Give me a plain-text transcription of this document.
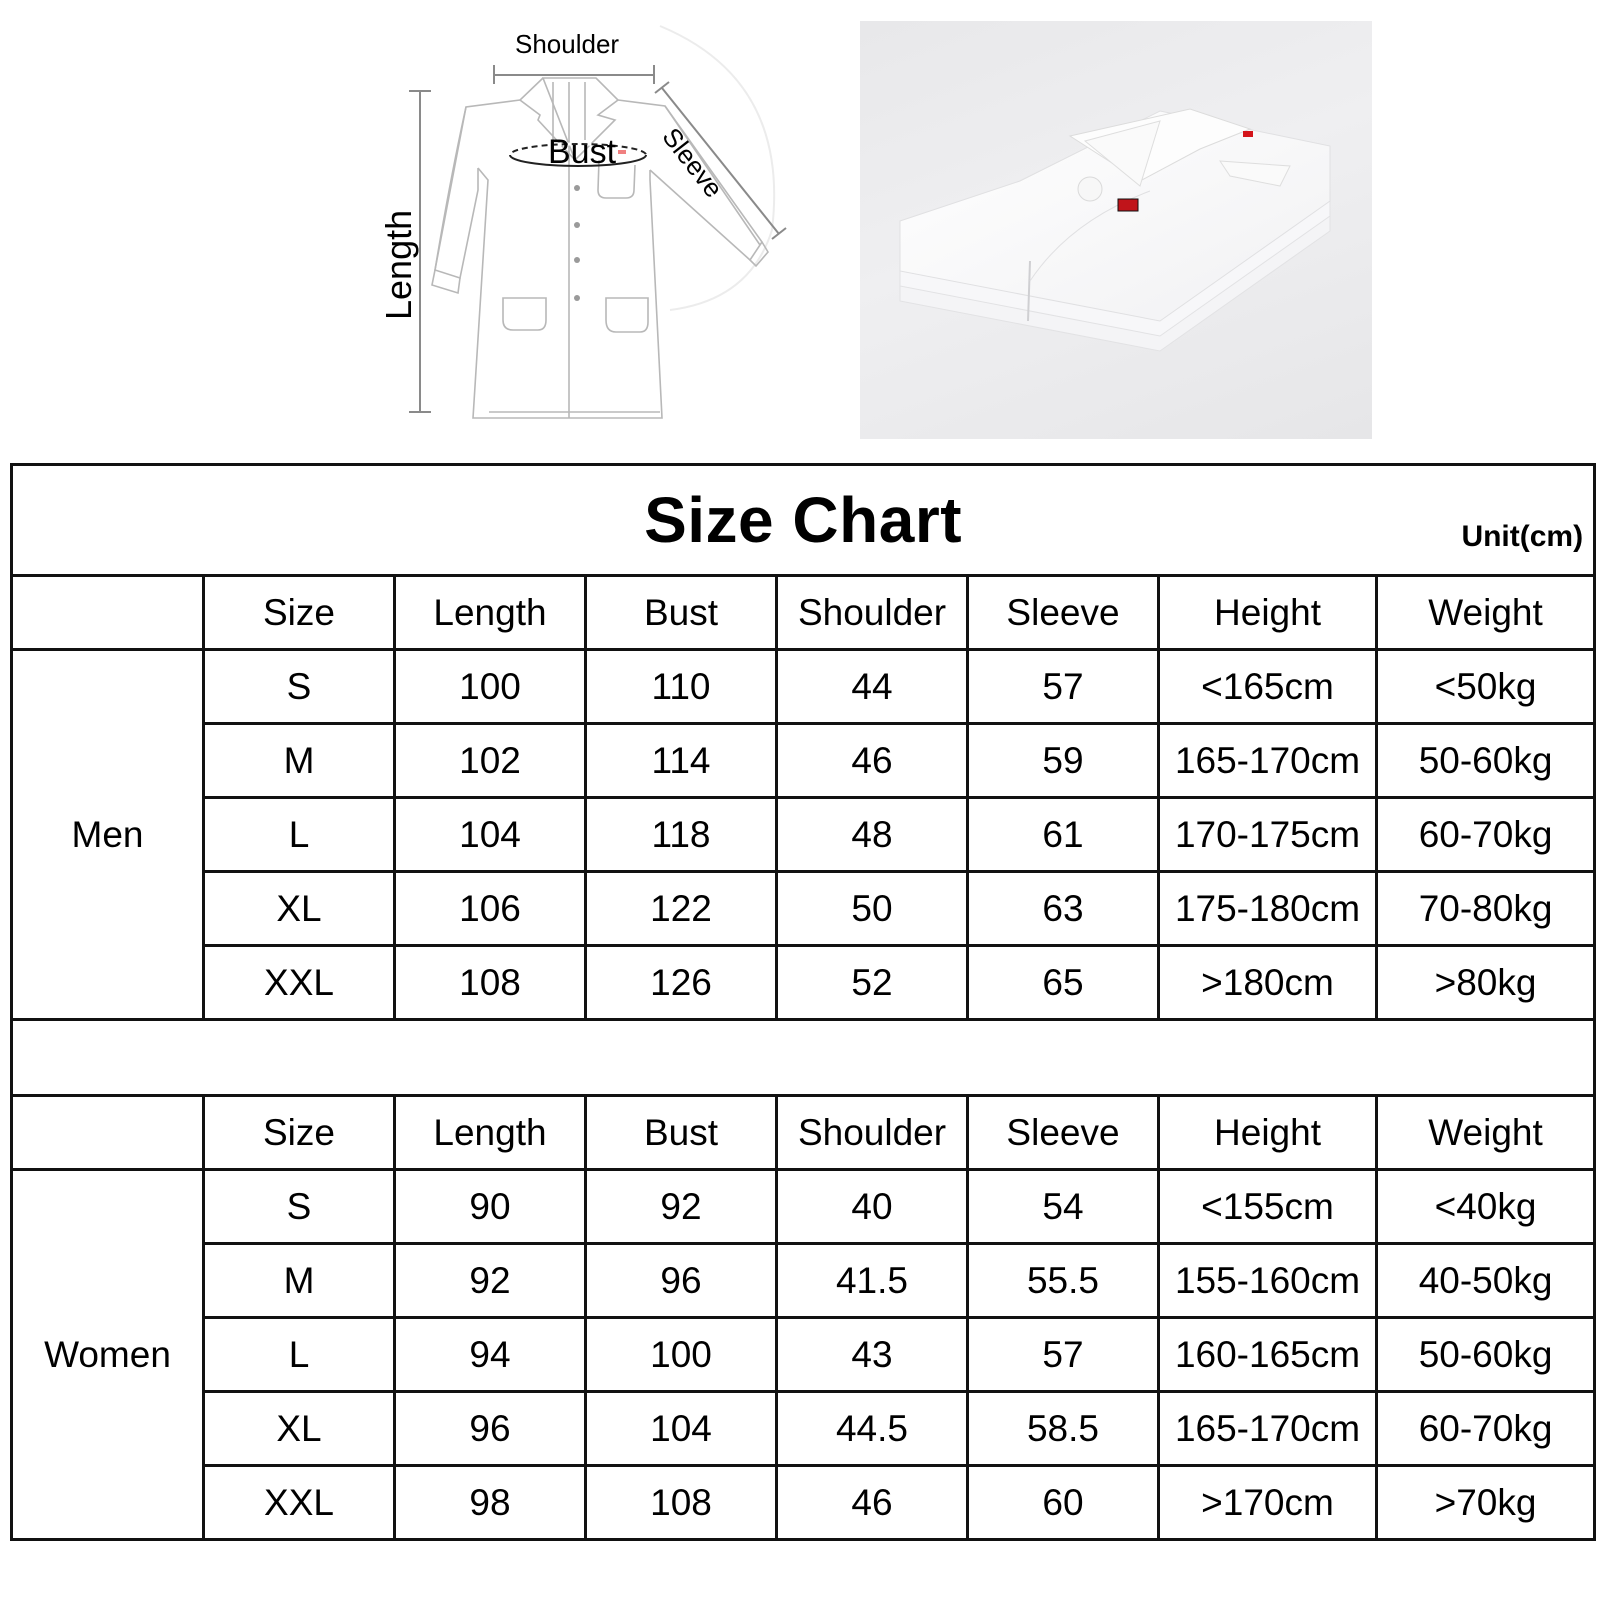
Shoulder
Bust Sleeve
Length
Size Chart Unit(cm)							

	Size	Length	Bust	Shoulder	Sleeve	Height	Weight
Men	S	100	110	44	57	<165cm	<50kg
	M	102	114	46	59	165-170cm	50-60kg
	L	104	118	48	61	170-175cm	60-70kg
	XL	106	122	50	63	175-180cm	70-80kg
	XXL	108	126	52	65	>180cm	>80kg

	Size	Length	Bust	Shoulder	Sleeve	Height	Weight
Women	S	90	92	40	54	<155cm	<40kg
	M	92	96	41.5	55.5	155-160cm	40-50kg
	L	94	100	43	57	160-165cm	50-60kg
	XL	96	104	44.5	58.5	165-170cm	60-70kg
	XXL	98	108	46	60	>170cm	>70kg
